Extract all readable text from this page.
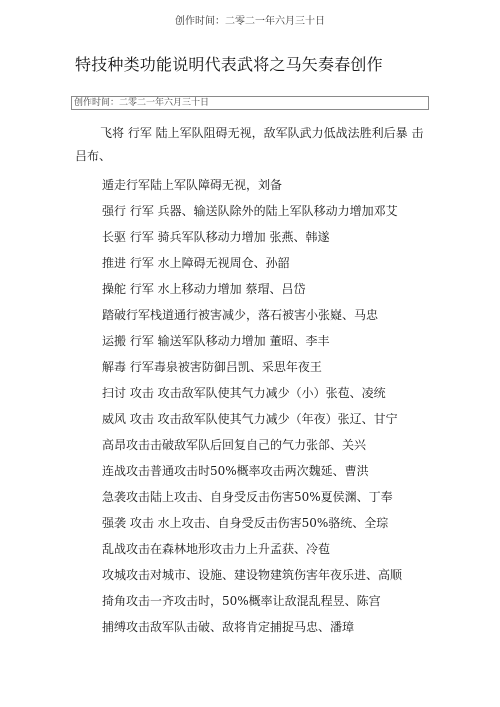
创作时间：二零二一年六月三十日
特技种类功能说明代表武将之马矢奏春创作
创作时间：二零二一年六月三十日
飞将 行军 陆上军队阻碍无视，敌军队武力低战法胜利后暴 击
吕布、
遁走行军陆上军队障碍无视，刘备
强行 行军 兵器、输送队除外的陆上军队移动力增加邓艾
长驱 行军 骑兵军队移动力增加 张燕、韩遂
推进 行军 水上障碍无视周仓、孙韶
操舵 行军 水上移动力增加 蔡瑁、吕岱
踏破行军栈道通行被害减少，落石被害小张嶷、马忠
运搬 行军 输送军队移动力增加 董昭、李丰
解毒 行军毒泉被害防御吕凯、采思年夜王
扫讨 攻击 攻击敌军队使其气力减少（小）张苞、凌统
威风 攻击 攻击敌军队使其气力减少（年夜）张辽、甘宁
高昂攻击击破敌军队后回复自己的气力张郃、关兴
连战攻击普通攻击时50%概率攻击两次魏延、曹洪
急袭攻击陆上攻击、自身受反击伤害50%夏侯渊、丁奉
强袭 攻击 水上攻击、自身受反击伤害50%骆统、全琮
乱战攻击在森林地形攻击力上升孟获、冷苞
攻城攻击对城市、设施、建设物建筑伤害年夜乐进、高顺
掎角攻击一齐攻击时，50%概率让敌混乱程昱、陈宫
捕缚攻击敌军队击破、敌将肯定捕捉马忠、潘璋
